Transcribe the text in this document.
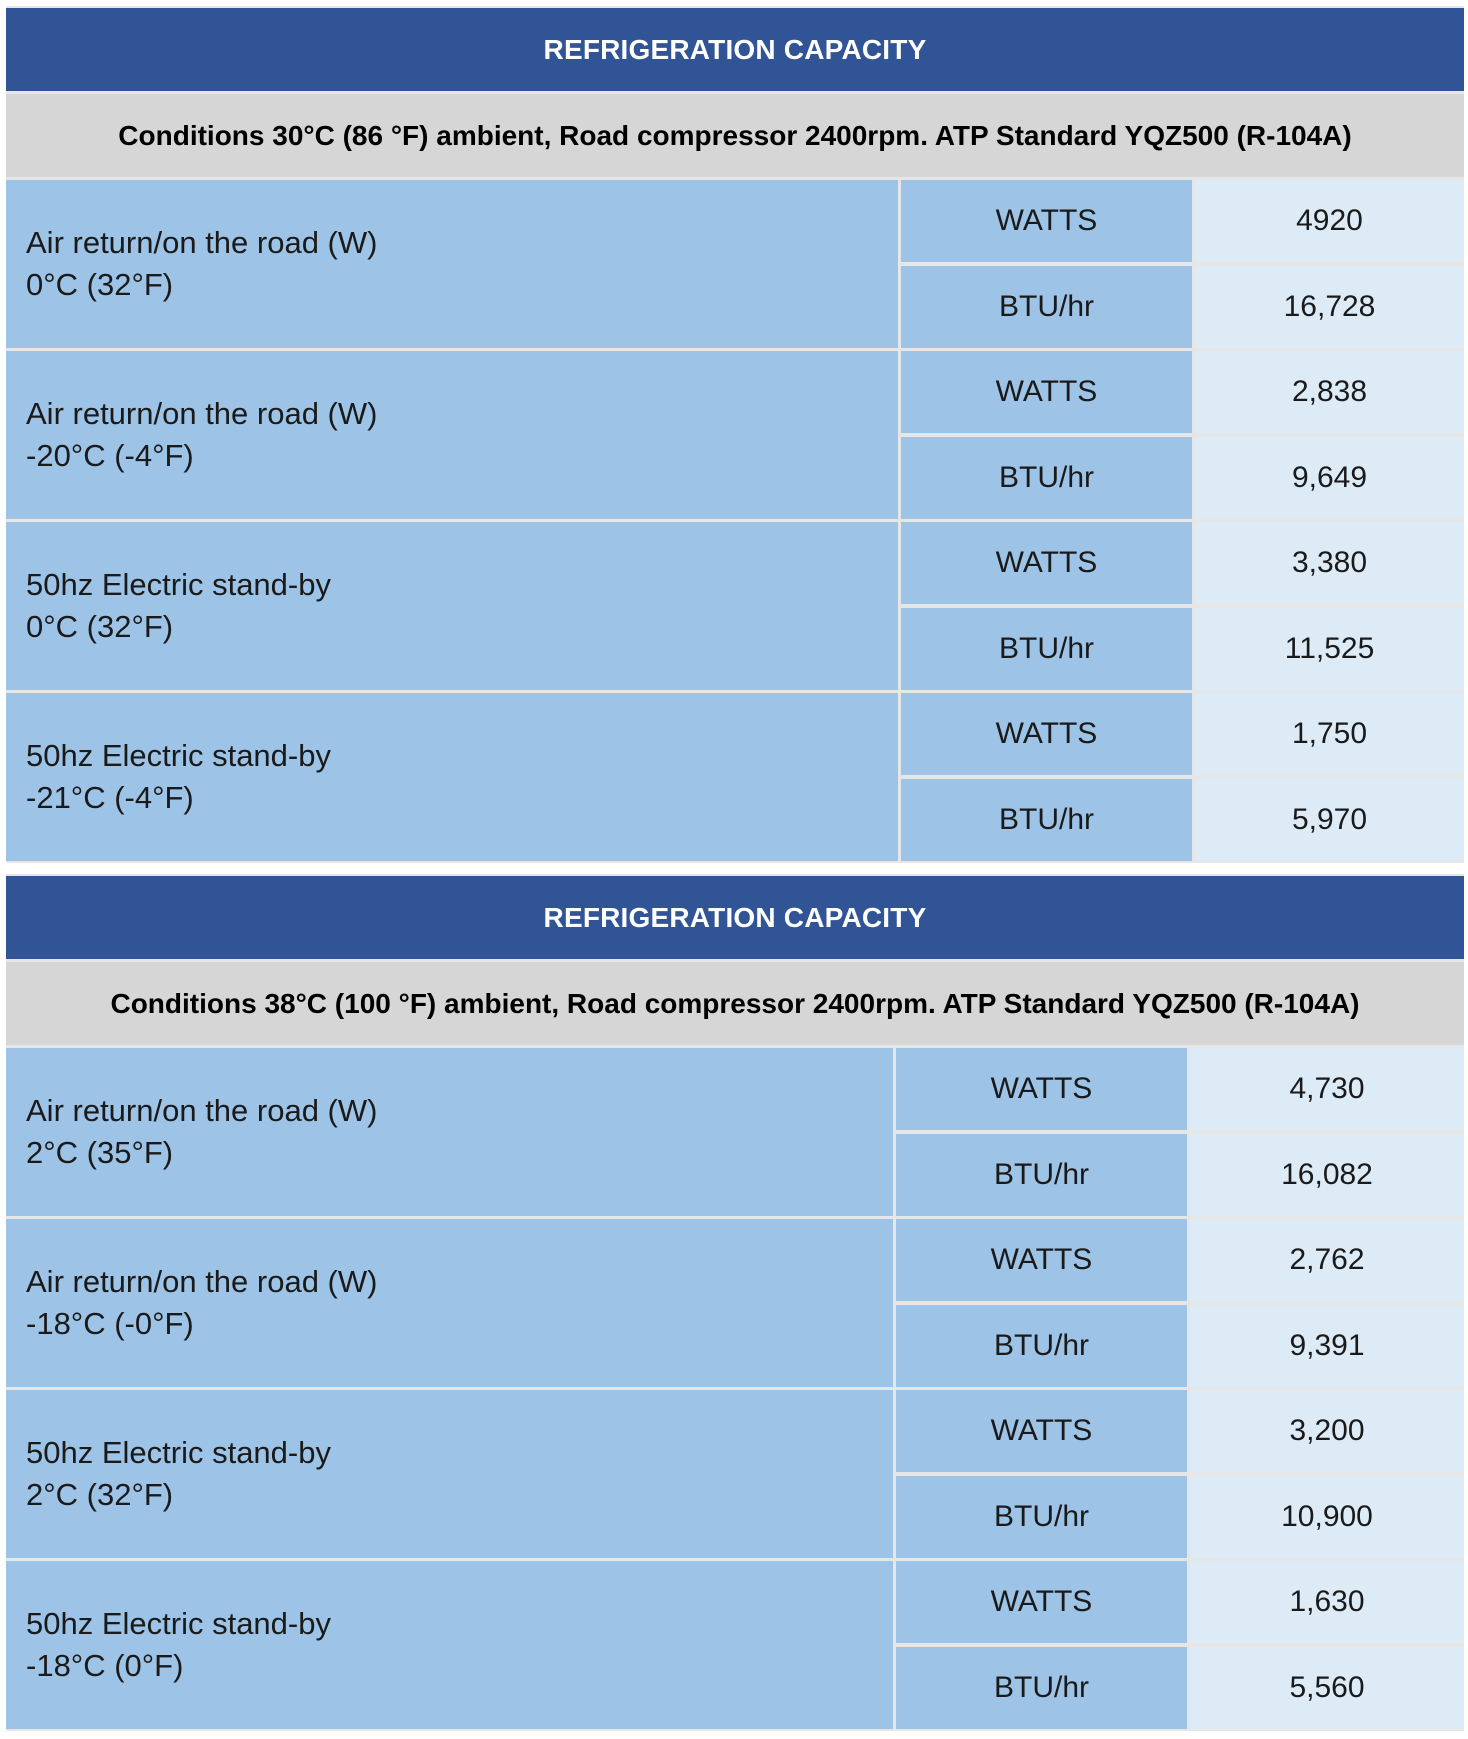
REFRIGERATION CAPACITY
Conditions 30°C (86 °F) ambient, Road compressor 2400rpm. ATP Standard YQZ500 (R-104A)
Air return/on the road (W)
0°C (32°F)
WATTS	4920
BTU/hr	16,728
Air return/on the road (W)
-20°C (-4°F)
WATTS	2,838
BTU/hr	9,649
50hz Electric stand-by
0°C (32°F)
WATTS	3,380
BTU/hr	11,525
50hz Electric stand-by
-21°C (-4°F)
WATTS	1,750
BTU/hr	5,970
REFRIGERATION CAPACITY
Conditions 38°C (100 °F) ambient, Road compressor 2400rpm. ATP Standard YQZ500 (R-104A)
Air return/on the road (W)
2°C (35°F)
WATTS	4,730
BTU/hr	16,082
Air return/on the road (W)
-18°C (-0°F)
WATTS	2,762
BTU/hr	9,391
50hz Electric stand-by
2°C (32°F)
WATTS	3,200
BTU/hr	10,900
50hz Electric stand-by
-18°C (0°F)
WATTS	1,630
BTU/hr	5,560
